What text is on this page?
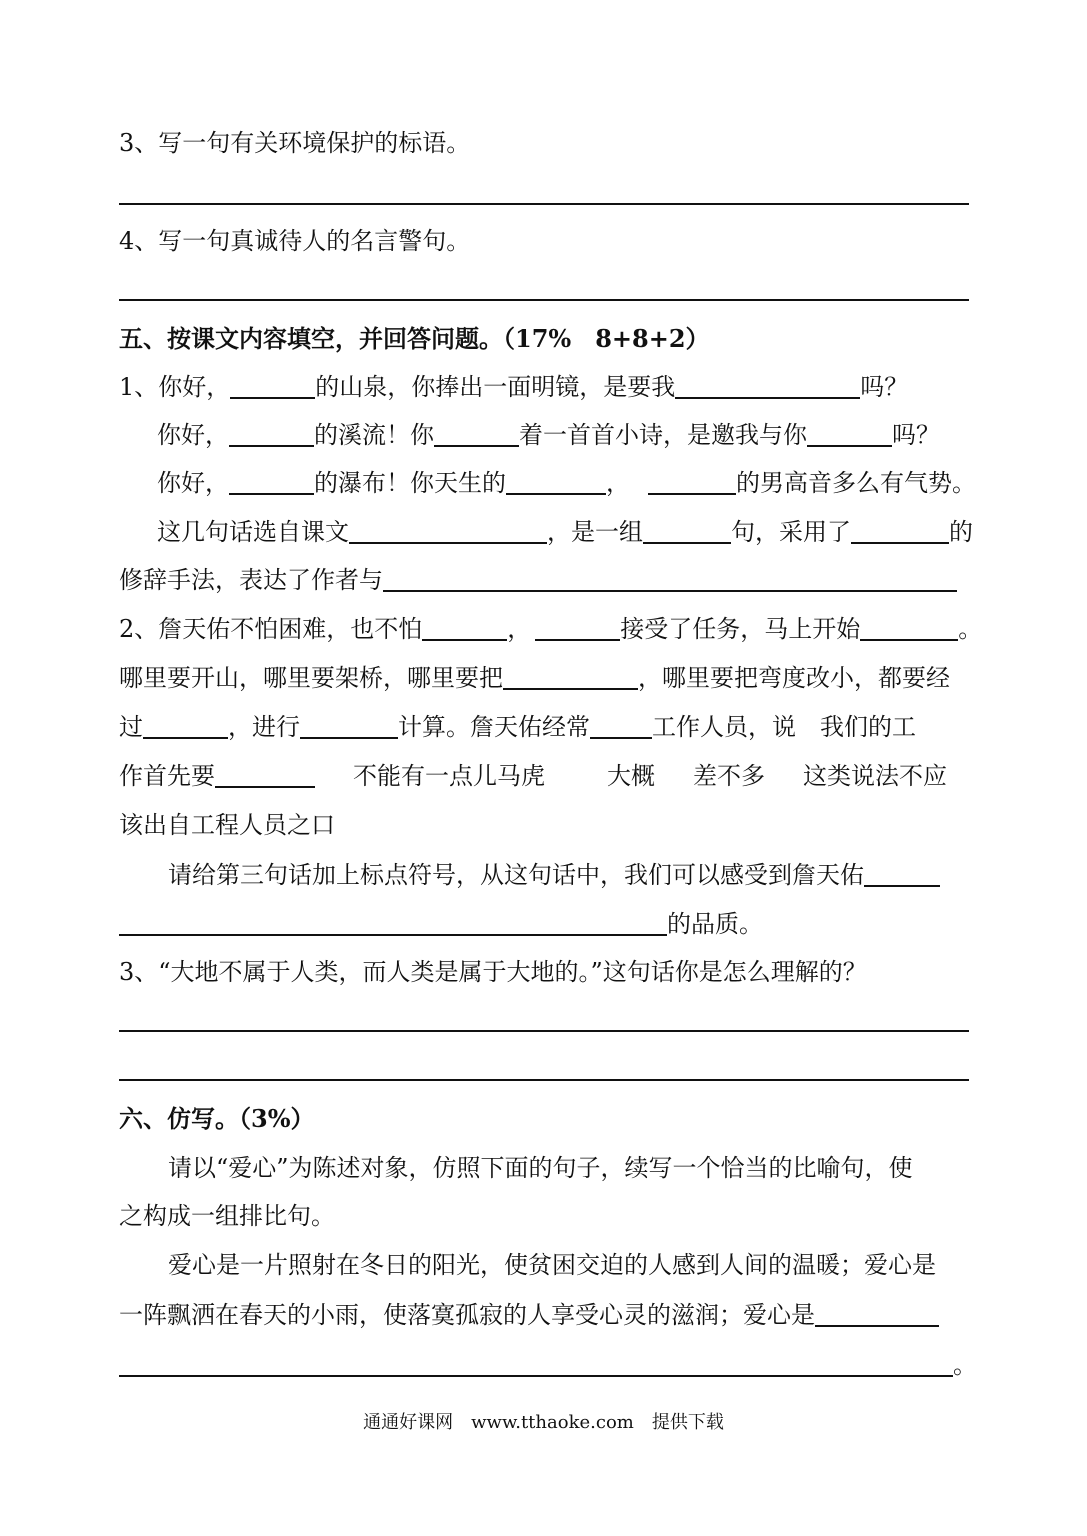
3、写一句有关环境保护的标语。
4、写一句真诚待人的名言警句。
五、按课文内容填空，并回答问题。（17%　8+8+2）
1、你好，	的山泉，你捧出一面明镜，是要我	吗？
你好，	的溪流！你	着一首首小诗，是邀我与你	吗？
你好，	的瀑布！你天生的	，	的男高音多么有气势。
这几句话选自课文	，是一组	句，采用了	的
修辞手法，表达了作者与
2、詹天佑不怕困难，也不怕	，	接受了任务，马上开始	。
哪里要开山，哪里要架桥，哪里要把	，哪里要把弯度改小，都要经
过	，进行	计算。詹天佑经常	工作人员，说　我们的工
作首先要	不能有一点儿马虎	大概 差不多 这类说法不应
该出自工程人员之口
请给第三句话加上标点符号，从这句话中，我们可以感受到詹天佑
的品质。
3、“大地不属于人类，而人类是属于大地的。”这句话你是怎么理解的？
六、仿写。（3%）
请以“爱心”为陈述对象，仿照下面的句子，续写一个恰当的比喻句，使
之构成一组排比句。
爱心是一片照射在冬日的阳光，使贫困交迫的人感到人间的温暖；爱心是
一阵飘洒在春天的小雨，使落寞孤寂的人享受心灵的滋润；爱心是
。
通通好课网　www.tthaoke.com　提供下载
